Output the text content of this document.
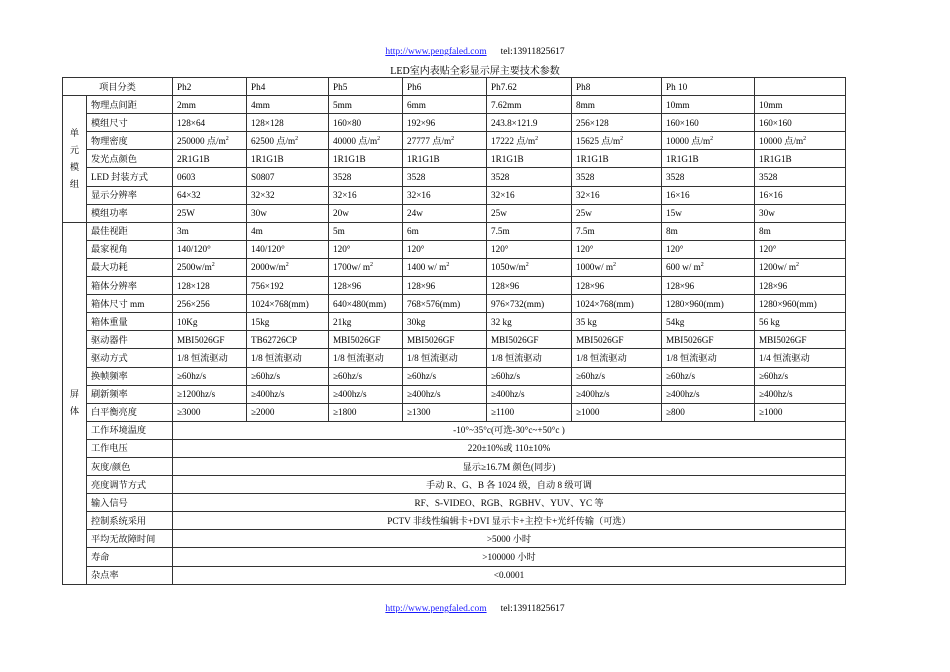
http://www.pengfaled.com tel:13911825617
LED室内表贴全彩显示屏主要技术参数
项目分类		Ph2	Ph4	Ph5	Ph6	Ph7.62	Ph8	Ph 10	
单
元
模
组	物理点间距	2mm	4mm	5mm	6mm	7.62mm	8mm	10mm	10mm
	模组尺寸	128×64	128×128	160×80	192×96	243.8×121.9	256×128	160×160	160×160
	物理密度	250000 点$/m^2$	62500 点$/m^2$	40000 点$/m^2$	27777 点$/m^2$	17222 点$/m^2$	15625 点$/m^2$	10000 点$/m^2$	10000 点$/m^2$
	发光点颜色	2R1G1B	1R1G1B	1R1G1B	1R1G1B	1R1G1B	1R1G1B	1R1G1B	1R1G1B
	LED 封装方式	0603	S0807	3528	3528	3528	3528	3528	3528
	显示分辨率	64×32	32×32	32×16	32×16	32×16	32×16	16×16	16×16
	模组功率	25W	30w	20w	24w	25w	25w	15w	30w
屏
体	最佳视距	3m	4m	5m	6m	7.5m	7.5m	8m	8m
	最家视角	140/120°	140/120°	120°	120°	120°	120°	120°	120°
	最大功耗	$2500w/m^2$	$2000w/m^2$	1700w/ $m^2$	1400 w/ $m^2$	$1050w/m^2$	1000w/ $m^2$	600 w/ $m^2$	1200w/ $m^2$
	箱体分辨率	128×128	756×192	128×96	128×96	128×96	128×96	128×96	128×96
	箱体尺寸 mm	256×256	1024×768(mm)	640×480(mm)	768×576(mm)	976×732(mm)	1024×768(mm)	1280×960(mm)	1280×960(mm)
	箱体重量	10Kg	15kg	21kg	30kg	32 kg	35 kg	54kg	56 kg
	驱动器件	MBI5026GF	TB62726CP	MBI5026GF	MBI5026GF	MBI5026GF	MBI5026GF	MBI5026GF	MBI5026GF
	驱动方式	1/8 恒流驱动	1/8 恒流驱动	1/8 恒流驱动	1/8 恒流驱动	1/8 恒流驱动	1/8 恒流驱动	1/8 恒流驱动	1/4 恒流驱动
	换帧频率	≥60hz/s	≥60hz/s	≥60hz/s	≥60hz/s	≥60hz/s	≥60hz/s	≥60hz/s	≥60hz/s
	刷新频率	≥1200hz/s	≥400hz/s	≥400hz/s	≥400hz/s	≥400hz/s	≥400hz/s	≥400hz/s	≥400hz/s
	白平衡亮度	≥3000	≥2000	≥1800	≥1300	≥1100	≥1000	≥800	≥1000
	工作环境温度	-10°~35°c(可选-30°c~+50°c )							
	工作电压	220±10%或 110±10%							
	灰度/颜色	显示≥16.7M 颜色(同步)							
	亮度调节方式	手动 R、G、B 各 1024 级，自动 8 级可调							
	输入信号	RF、S-VIDEO、RGB、RGBHV、YUV、YC 等							
	控制系统采用	PCTV 非线性编辑卡+DVI 显示卡+主控卡+光纤传输（可选）							
	平均无故障时间	>5000 小时							
	寿命	>100000 小时							
	杂点率	<0.0001							
http://www.pengfaled.com tel:13911825617
